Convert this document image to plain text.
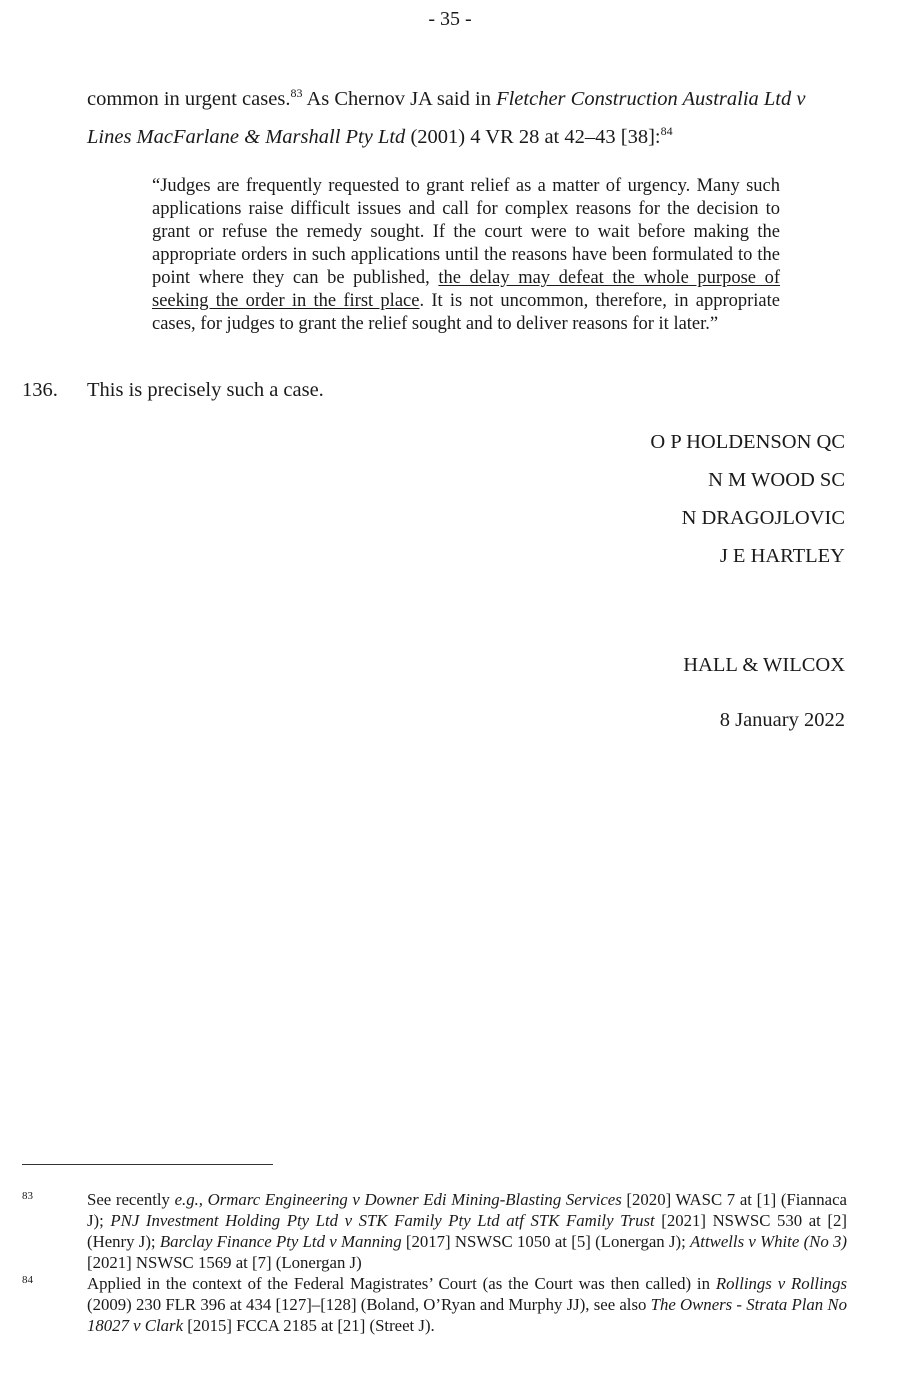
- 35 -
common in urgent cases.$^{83}$ As Chernov JA said in Fletcher Construction Australia Ltd v Lines MacFarlane & Marshall Pty Ltd (2001) 4 VR 28 at 42–43 [38]:$^{84}$
“Judges are frequently requested to grant relief as a matter of urgency. Many such applications raise difficult issues and call for complex reasons for the decision to grant or refuse the remedy sought. If the court were to wait before making the appropriate orders in such applications until the reasons have been formulated to the point where they can be published, the delay may defeat the whole purpose of seeking the order in the first place. It is not uncommon, therefore, in appropriate cases, for judges to grant the relief sought and to deliver reasons for it later.”
136. This is precisely such a case.
O P HOLDENSON QC
N M WOOD SC
N DRAGOJLOVIC
J E HARTLEY
HALL & WILCOX
8 January 2022
83	See recently e.g., Ormarc Engineering v Downer Edi Mining-Blasting Services [2020] WASC 7 at [1] (Fiannaca J); PNJ Investment Holding Pty Ltd v STK Family Pty Ltd atf STK Family Trust [2021] NSWSC 530 at [2] (Henry J); Barclay Finance Pty Ltd v Manning [2017] NSWSC 1050 at [5] (Lonergan J); Attwells v White (No 3) [2021] NSWSC 1569 at [7] (Lonergan J)
84	Applied in the context of the Federal Magistrates’ Court (as the Court was then called) in Rollings v Rollings (2009) 230 FLR 396 at 434 [127]–[128] (Boland, O’Ryan and Murphy JJ), see also The Owners - Strata Plan No 18027 v Clark [2015] FCCA 2185 at [21] (Street J).
